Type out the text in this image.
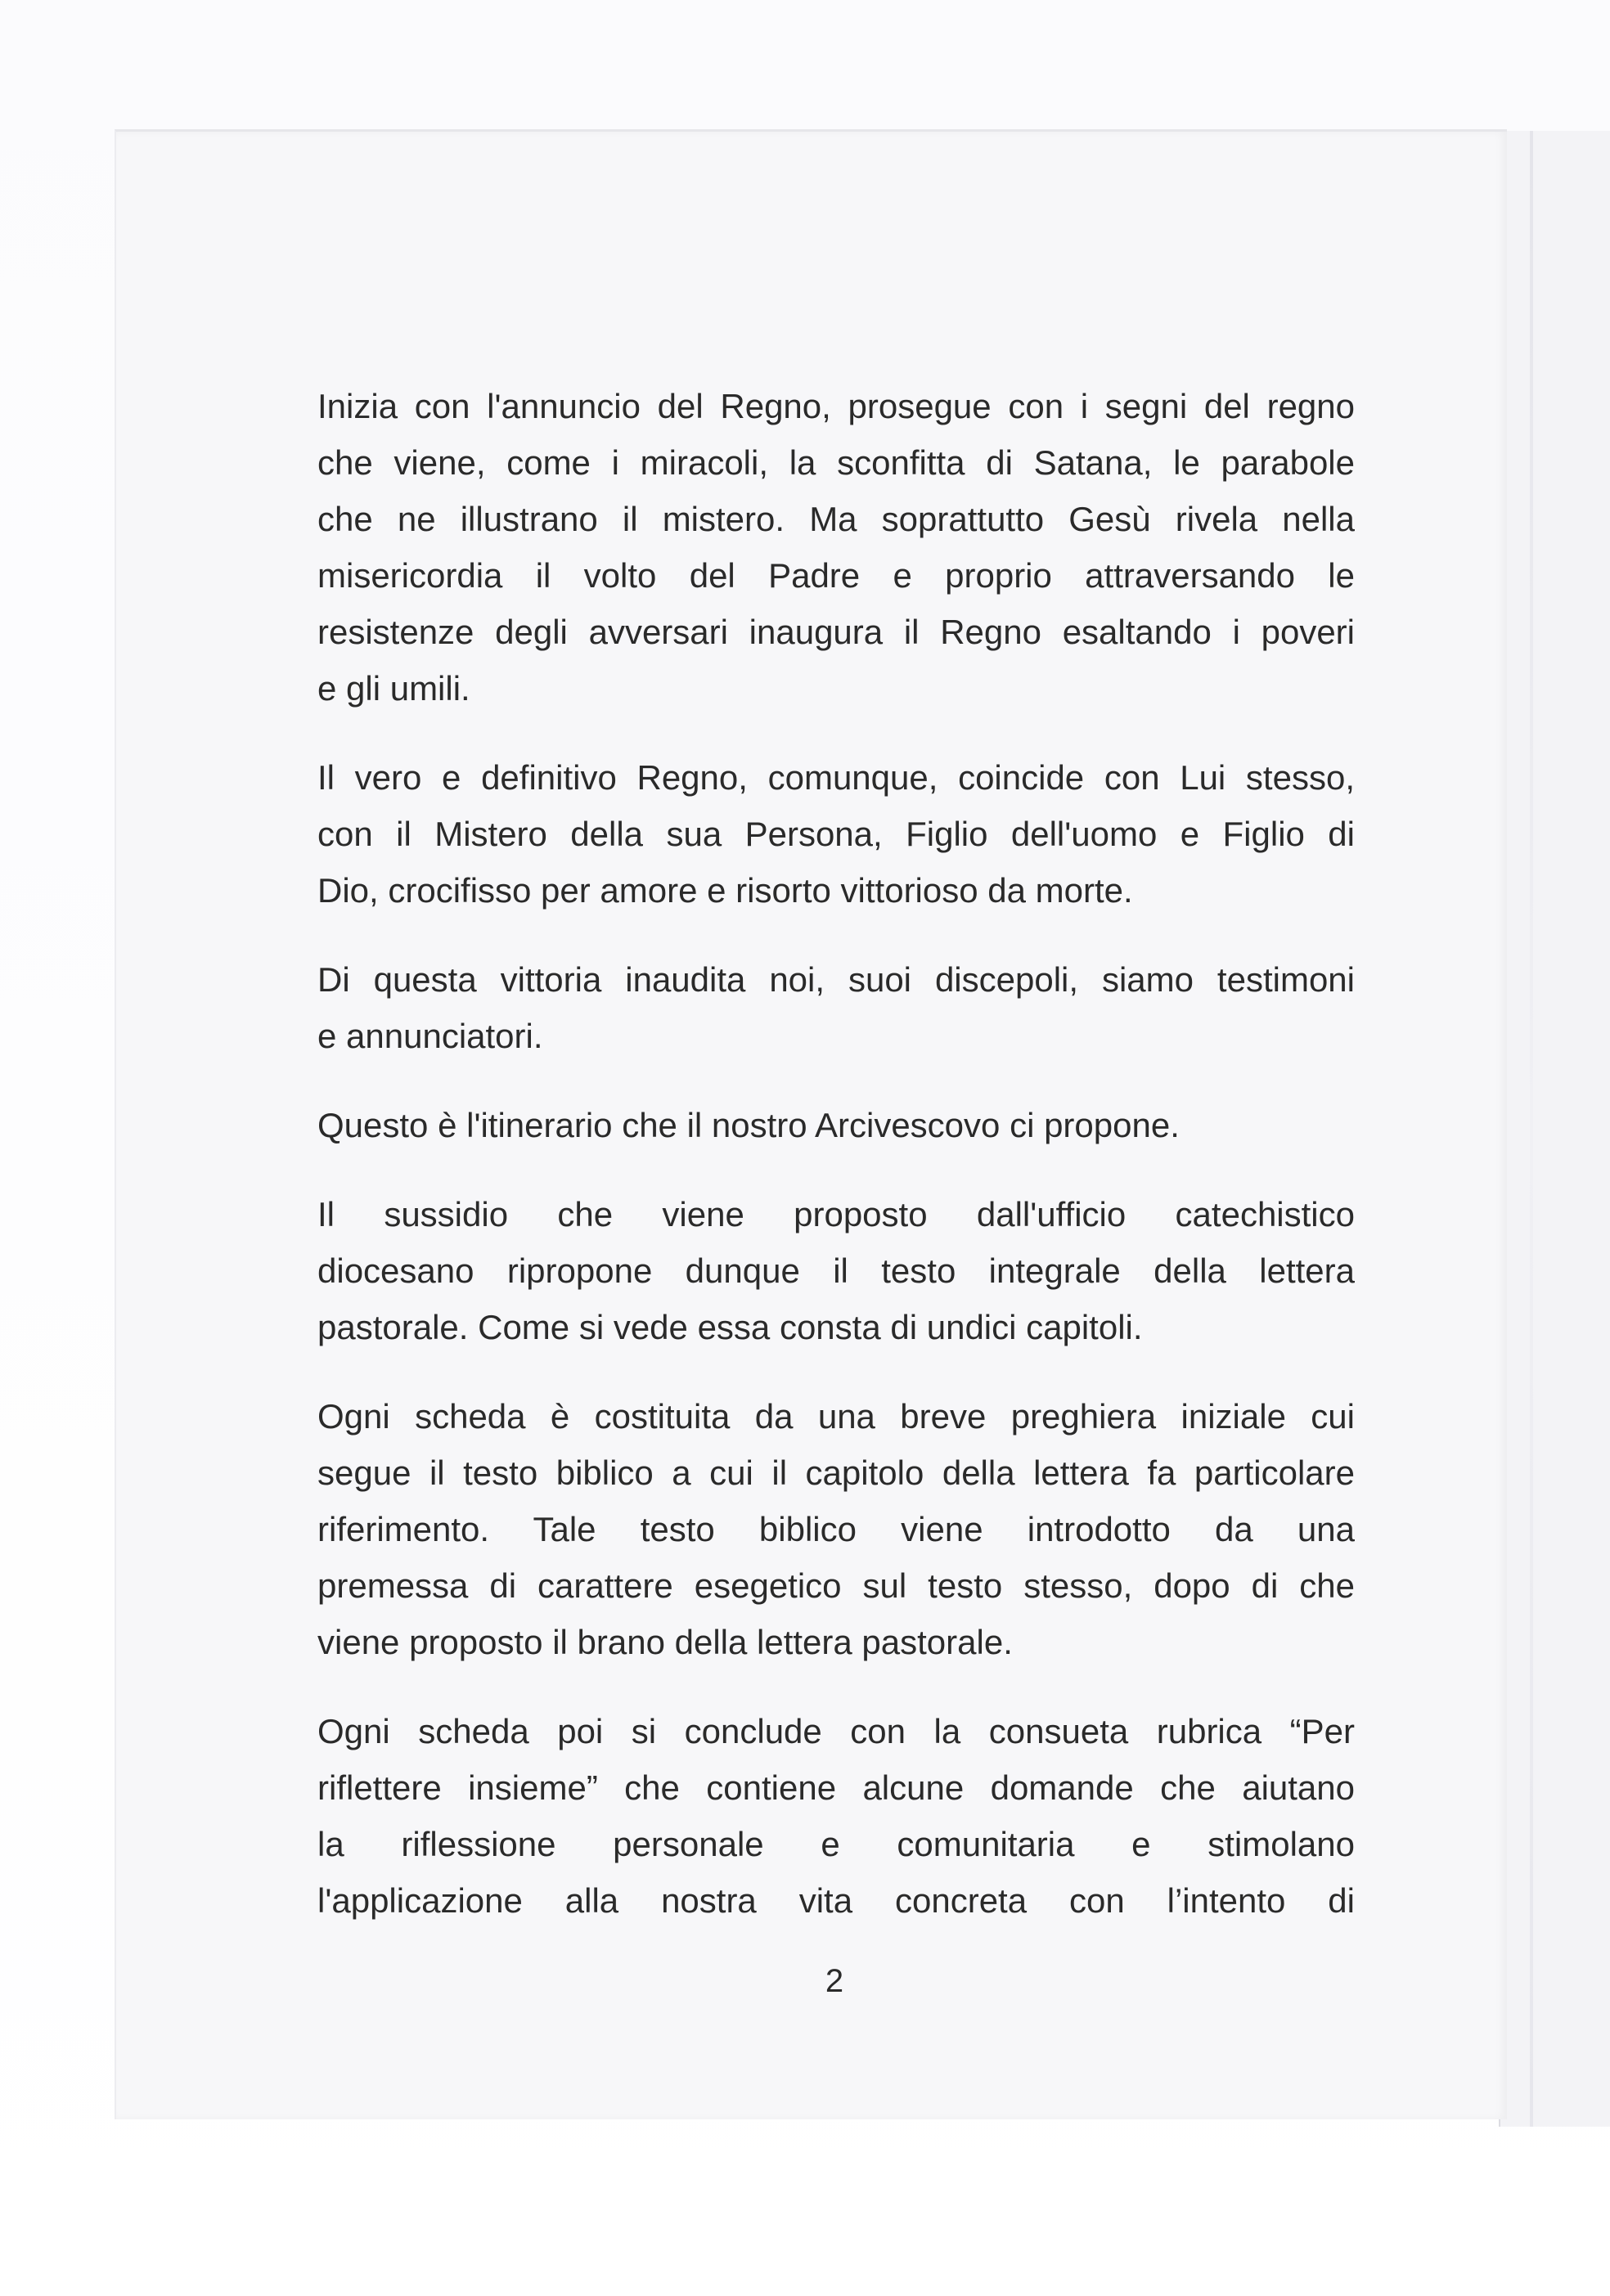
Inizia con l'annuncio del Regno, prosegue con i segni del regno
che viene, come i miracoli, la sconfitta di Satana, le parabole
che ne illustrano il mistero. Ma soprattutto Gesù rivela nella
misericordia il volto del Padre e proprio attraversando le
resistenze degli avversari inaugura il Regno esaltando i poveri
e gli umili.

Il vero e definitivo Regno, comunque, coincide con Lui stesso,
con il Mistero della sua Persona, Figlio dell'uomo e Figlio di
Dio, crocifisso per amore e risorto vittorioso da morte.

Di questa vittoria inaudita noi, suoi discepoli, siamo testimoni
e annunciatori.

Questo è l'itinerario che il nostro Arcivescovo ci propone.

Il sussidio che viene proposto dall'ufficio catechistico
diocesano ripropone dunque il testo integrale della lettera
pastorale. Come si vede essa consta di undici capitoli.

Ogni scheda è costituita da una breve preghiera iniziale cui
segue il testo biblico a cui il capitolo della lettera fa particolare
riferimento. Tale testo biblico viene introdotto da una
premessa di carattere esegetico sul testo stesso, dopo di che
viene proposto il brano della lettera pastorale.

Ogni scheda poi si conclude con la consueta rubrica “Per
riflettere insieme” che contiene alcune domande che aiutano
la riflessione personale e comunitaria e stimolano
l'applicazione alla nostra vita concreta con l’intento di

2
